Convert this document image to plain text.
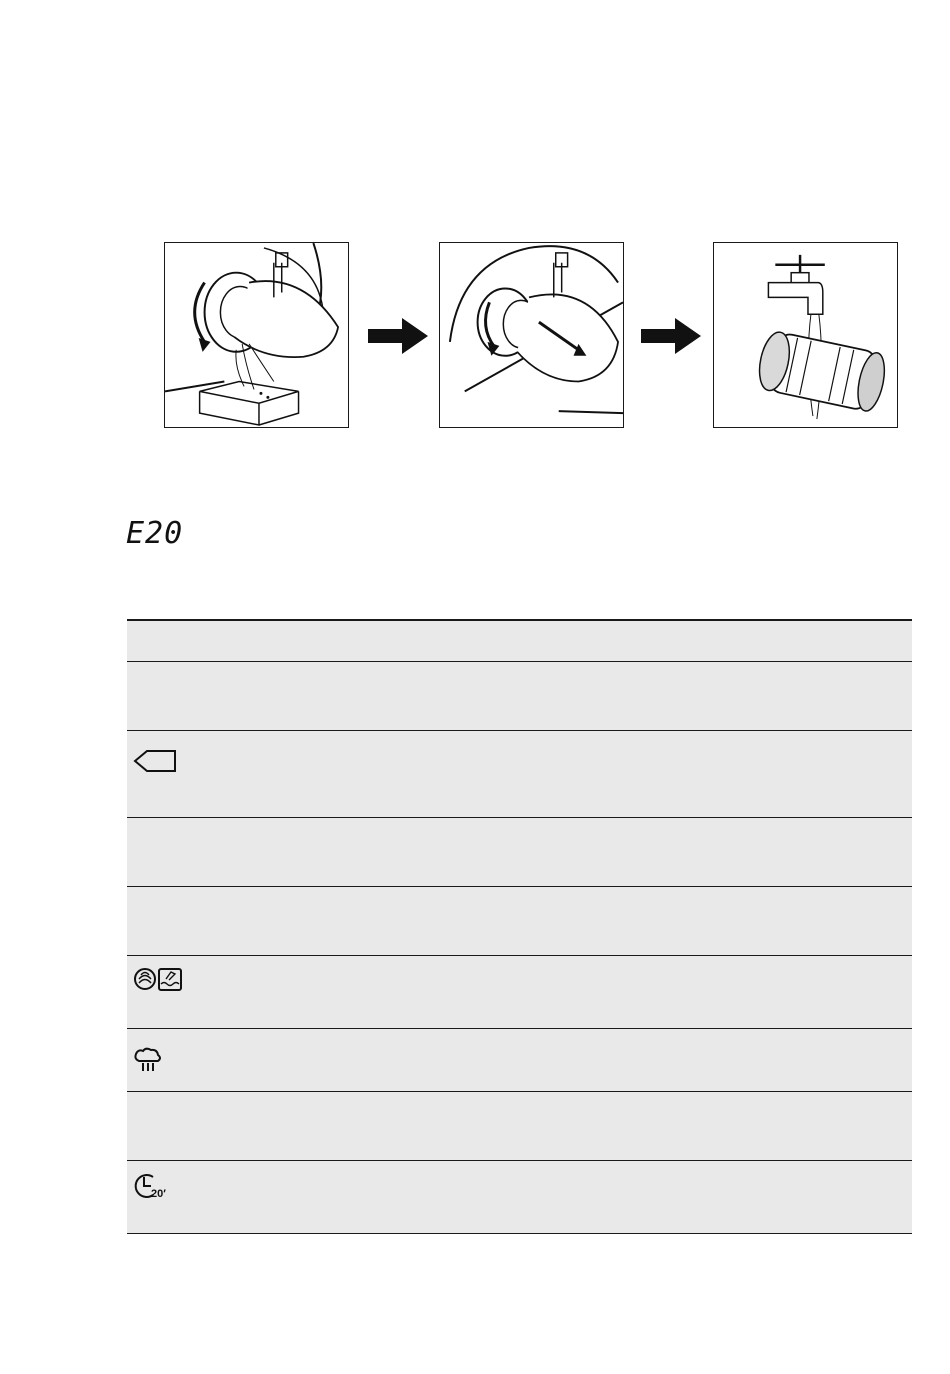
E20
20′
